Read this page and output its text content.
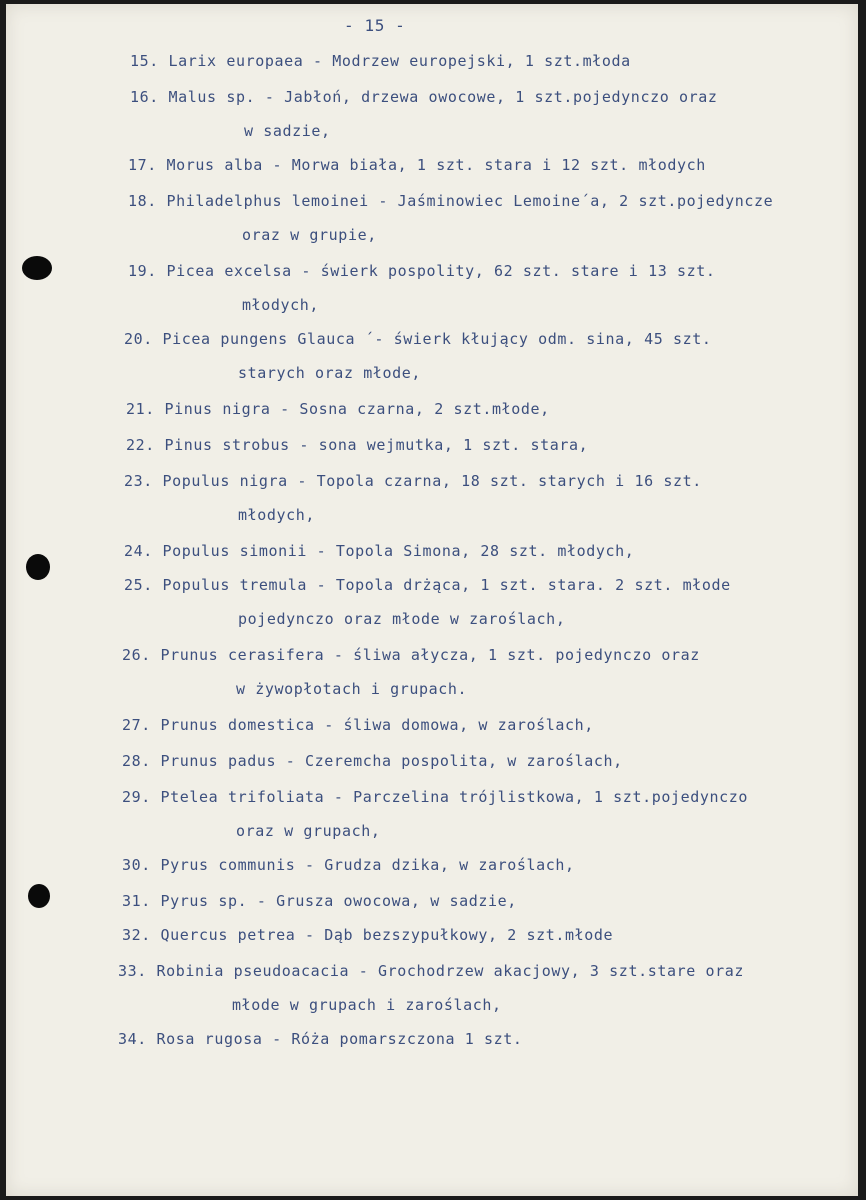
- 15 -
15. Larix europaea - Modrzew europejski, 1 szt.młoda
16. Malus sp. - Jabłoń, drzewa owocowe, 1 szt.pojedynczo oraz
w sadzie,
17. Morus alba - Morwa biała, 1 szt. stara i 12 szt. młodych
18. Philadelphus lemoinei - Jaśminowiec Lemoine´a, 2 szt.pojedyncze
oraz w grupie,
19. Picea excelsa - świerk pospolity, 62 szt. stare i 13 szt.
młodych,
20. Picea pungens Glauca ´- świerk kłujący odm. sina, 45 szt.
starych oraz młode,
21. Pinus nigra - Sosna czarna, 2 szt.młode,
22. Pinus strobus - sona wejmutka, 1 szt. stara,
23. Populus nigra - Topola czarna, 18 szt. starych i 16 szt.
młodych,
24. Populus simonii - Topola Simona, 28 szt. młodych,
25. Populus tremula - Topola drżąca, 1 szt. stara. 2 szt. młode
pojedynczo oraz młode w zaroślach,
26. Prunus cerasifera - śliwa ałycza, 1 szt. pojedynczo oraz
w żywopłotach i grupach.
27. Prunus domestica - śliwa domowa, w zaroślach,
28. Prunus padus - Czeremcha pospolita, w zaroślach,
29. Ptelea trifoliata - Parczelina trójlistkowa, 1 szt.pojedynczo
oraz w grupach,
30. Pyrus communis - Grudza dzika, w zaroślach,
31. Pyrus sp. - Grusza owocowa, w sadzie,
32. Quercus petrea - Dąb bezszypułkowy, 2 szt.młode
33. Robinia pseudoacacia - Grochodrzew akacjowy, 3 szt.stare oraz
młode w grupach i zaroślach,
34. Rosa rugosa - Róża pomarszczona 1 szt.
